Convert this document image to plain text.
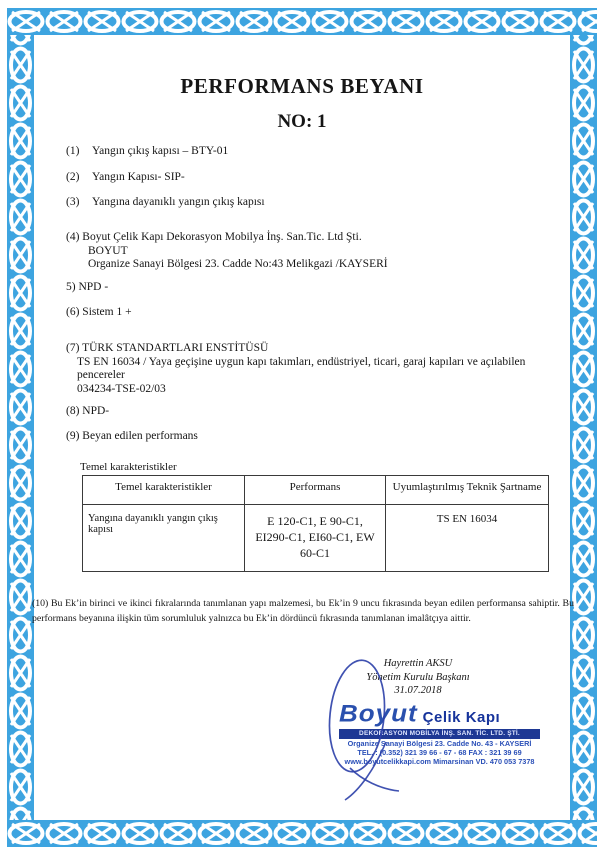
PERFORMANS BEYANI
NO: 1
(1) Yangın çıkış kapısı – BTY-01
(2) Yangın Kapısı- SIP-
(3) Yangına dayanıklı yangın çıkış kapısı
(4) Boyut Çelik Kapı Dekorasyon Mobilya İnş. San.Tic. Ltd Şti.
BOYUT
Organize Sanayi Bölgesi 23. Cadde No:43 Melikgazi /KAYSERİ
5) NPD -
(6) Sistem 1 +
(7) TÜRK STANDARTLARI ENSTİTÜSÜ
TS EN 16034 / Yaya geçişine uygun kapı takımları, endüstriyel, ticari, garaj kapıları ve açılabilen
pencereler
034234-TSE-02/03
(8) NPD-
(9) Beyan edilen performans
Temel karakteristikler
Temel karakteristikler	Performans	Uyumlaştırılmış Teknik Şartname
Yangına dayanıklı yangın çıkış kapısı	E 120-C1, E 90-C1, EI290-C1, EI60-C1, EW 60-C1	TS EN 16034
(10) Bu Ek’in birinci ve ikinci fıkralarında tanımlanan yapı malzemesi, bu Ek’in 9 uncu fıkrasında beyan edilen performansa sahiptir. Bu performans beyanına ilişkin tüm sorumluluk yalnızca bu Ek’in dördüncü fıkrasında tanımlanan imalâtçıya aittir.
Hayrettin AKSU
Yönetim Kurulu Başkanı
31.07.2018
Boyut Çelik Kapı
DEKORASYON MOBİLYA İNŞ. SAN. TİC. LTD. ŞTİ.
Organize Sanayi Bölgesi 23. Cadde No. 43 - KAYSERİ
TEL. : (0.352) 321 39 66 - 67 - 68 FAX : 321 39 69
www.boyutcelikkapi.com Mimarsinan VD. 470 053 7378
